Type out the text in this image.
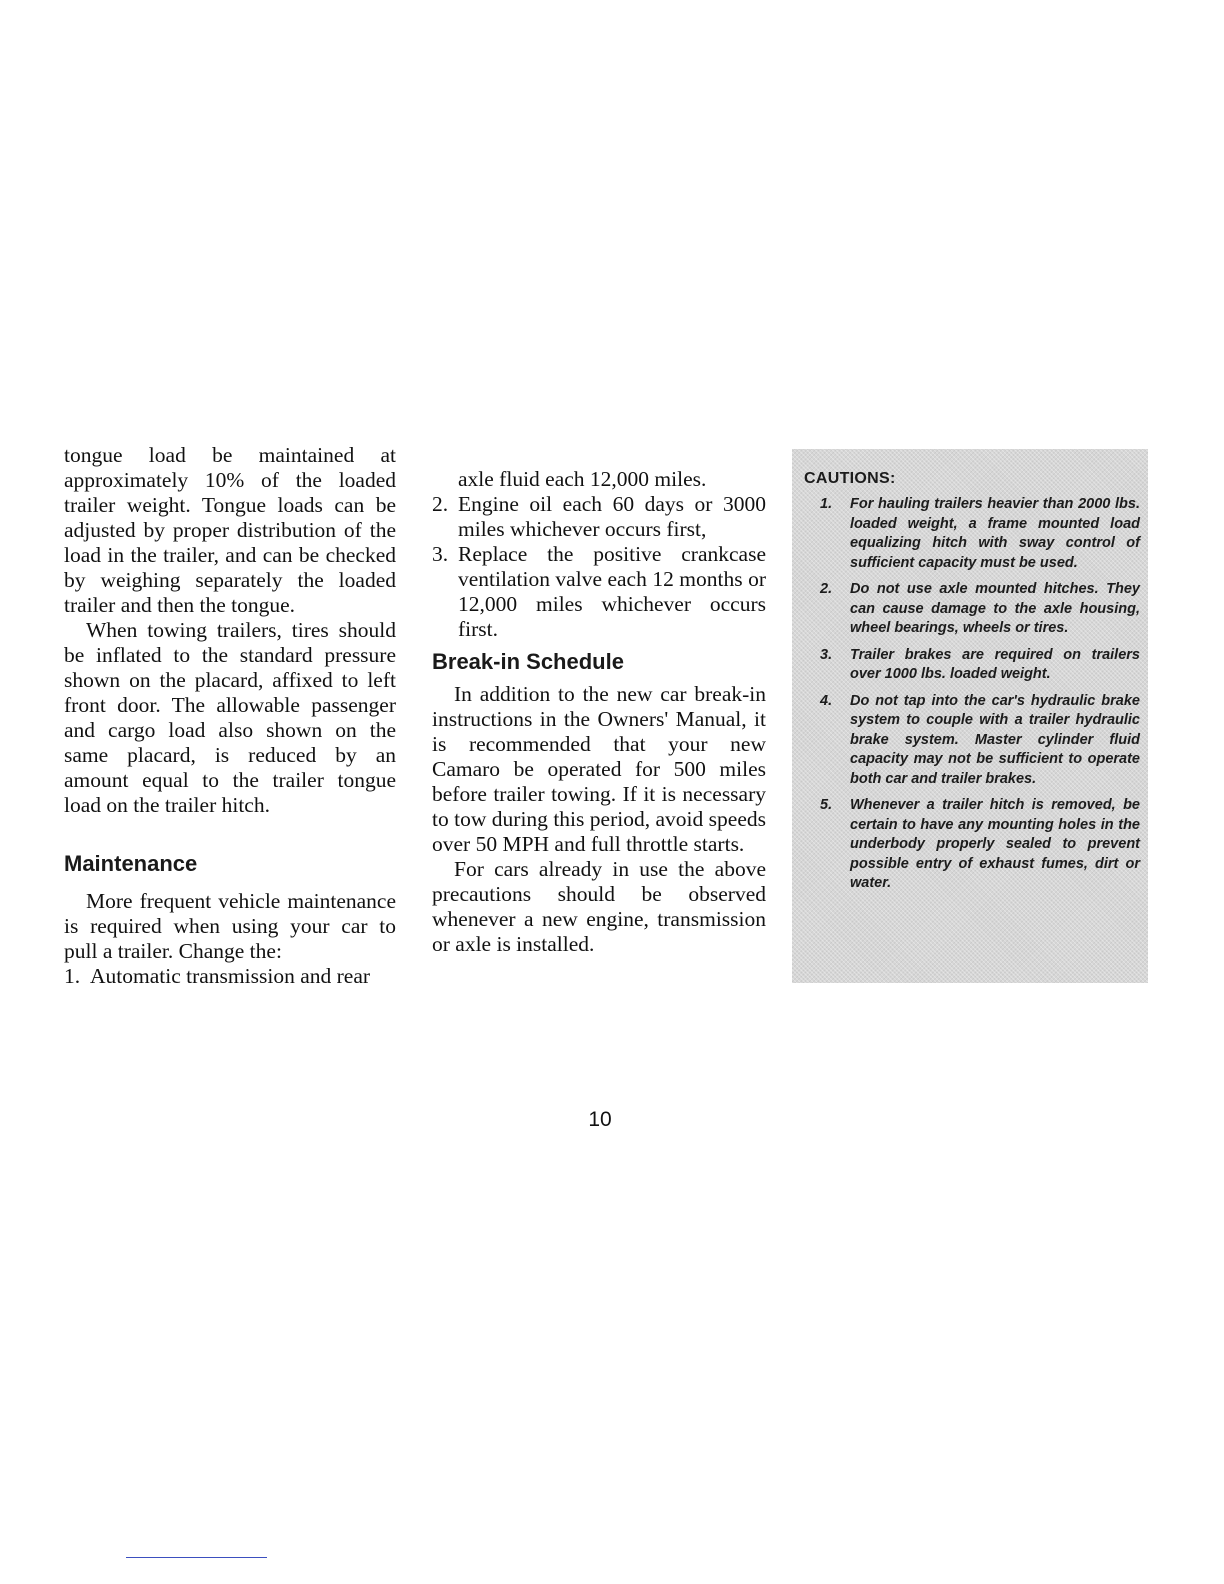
tongue load be maintained at approximately 10% of the loaded trailer weight. Tongue loads can be adjusted by proper distribution of the load in the trailer, and can be checked by weighing separately the loaded trailer and then the tongue.

When towing trailers, tires should be inflated to the standard pressure shown on the placard, affixed to left front door. The allowable passenger and cargo load also shown on the same placard, is reduced by an amount equal to the trailer tongue load on the trailer hitch.

Maintenance

More frequent vehicle maintenance is required when using your car to pull a trailer. Change the:

1. Automatic transmission and rear
axle fluid each 12,000 miles.
2. Engine oil each 60 days or 3000 miles whichever occurs first,
3. Replace the positive crankcase ventilation valve each 12 months or 12,000 miles whichever occurs first.
Break-in Schedule

In addition to the new car break-in instructions in the Owners' Manual, it is recommended that your new Camaro be operated for 500 miles before trailer towing. If it is necessary to tow during this period, avoid speeds over 50 MPH and full throttle starts.

For cars already in use the above precautions should be observed whenever a new engine, transmission or axle is installed.

CAUTIONS:
1.	For hauling trailers heavier than 2000 lbs. loaded weight, a frame mounted load equalizing hitch with sway control of sufficient capacity must be used.
2.	Do not use axle mounted hitches. They can cause damage to the axle housing, wheel bearings, wheels or tires.
3.	Trailer brakes are required on trailers over 1000 lbs. loaded weight.
4.	Do not tap into the car's hydraulic brake system to couple with a trailer hydraulic brake system. Master cylinder fluid capacity may not be sufficient to operate both car and trailer brakes.
5.	Whenever a trailer hitch is removed, be certain to have any mounting holes in the underbody properly sealed to prevent possible entry of exhaust fumes, dirt or water.
10
